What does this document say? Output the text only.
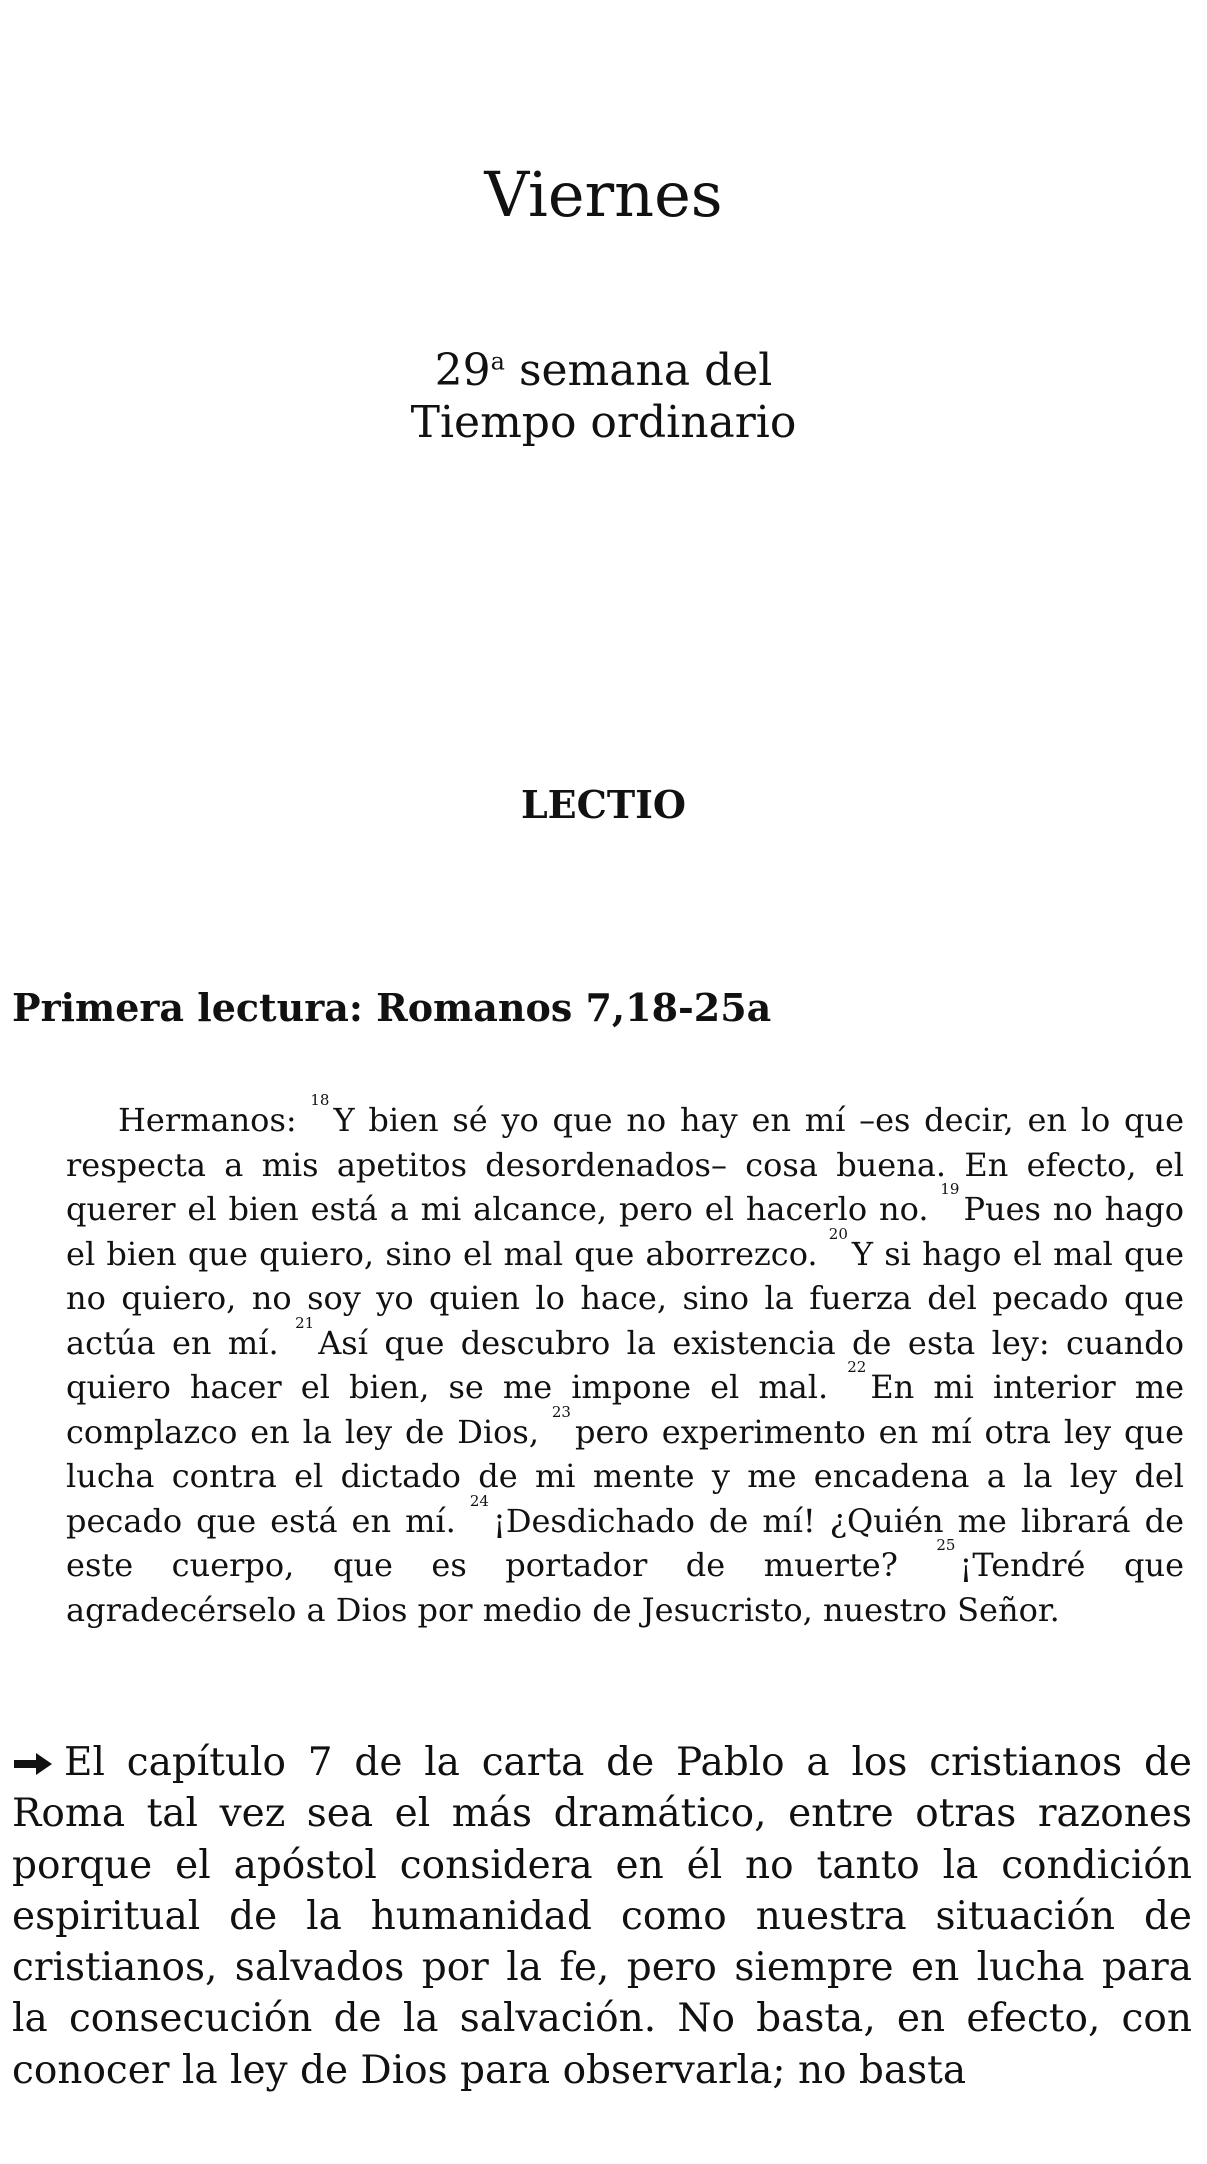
Viernes

29$^a$ semana del
Tiempo ordinario

LECTIO
Primera lectura: Romanos 7,18-25a

Hermanos: $^{18}$Y bien sé yo que no hay en mí –es decir, en lo que respecta a mis apetitos desordenados– cosa buena. En efecto, el querer el bien está a mi alcance, pero el hacerlo no. $^{19}$Pues no hago el bien que quiero, sino el mal que aborrezco. $^{20}$Y si hago el mal que no quiero, no soy yo quien lo hace, sino la fuerza del pecado que actúa en mí. $^{21}$Así que descubro la existencia de esta ley: cuando quiero hacer el bien, se me impone el mal. $^{22}$En mi interior me complazco en la ley de Dios, $^{23}$pero experimento en mí otra ley que lucha contra el dictado de mi mente y me encadena a la ley del pecado que está en mí. $^{24}$¡Desdichado de mí! ¿Quién me librará de este cuerpo, que es portador de muerte? $^{25}$¡Tendré que agradecérselo a Dios por medio de Jesucristo, nuestro Señor.

El capítulo 7 de la carta de Pablo a los cristianos de Roma tal vez sea el más dramático, entre otras razones porque el apóstol considera en él no tanto la condición espiritual de la humanidad como nuestra situación de cristianos, salvados por la fe, pero siempre en lucha para la consecución de la salvación. No basta, en efecto, con conocer la ley de Dios para observarla; no basta
